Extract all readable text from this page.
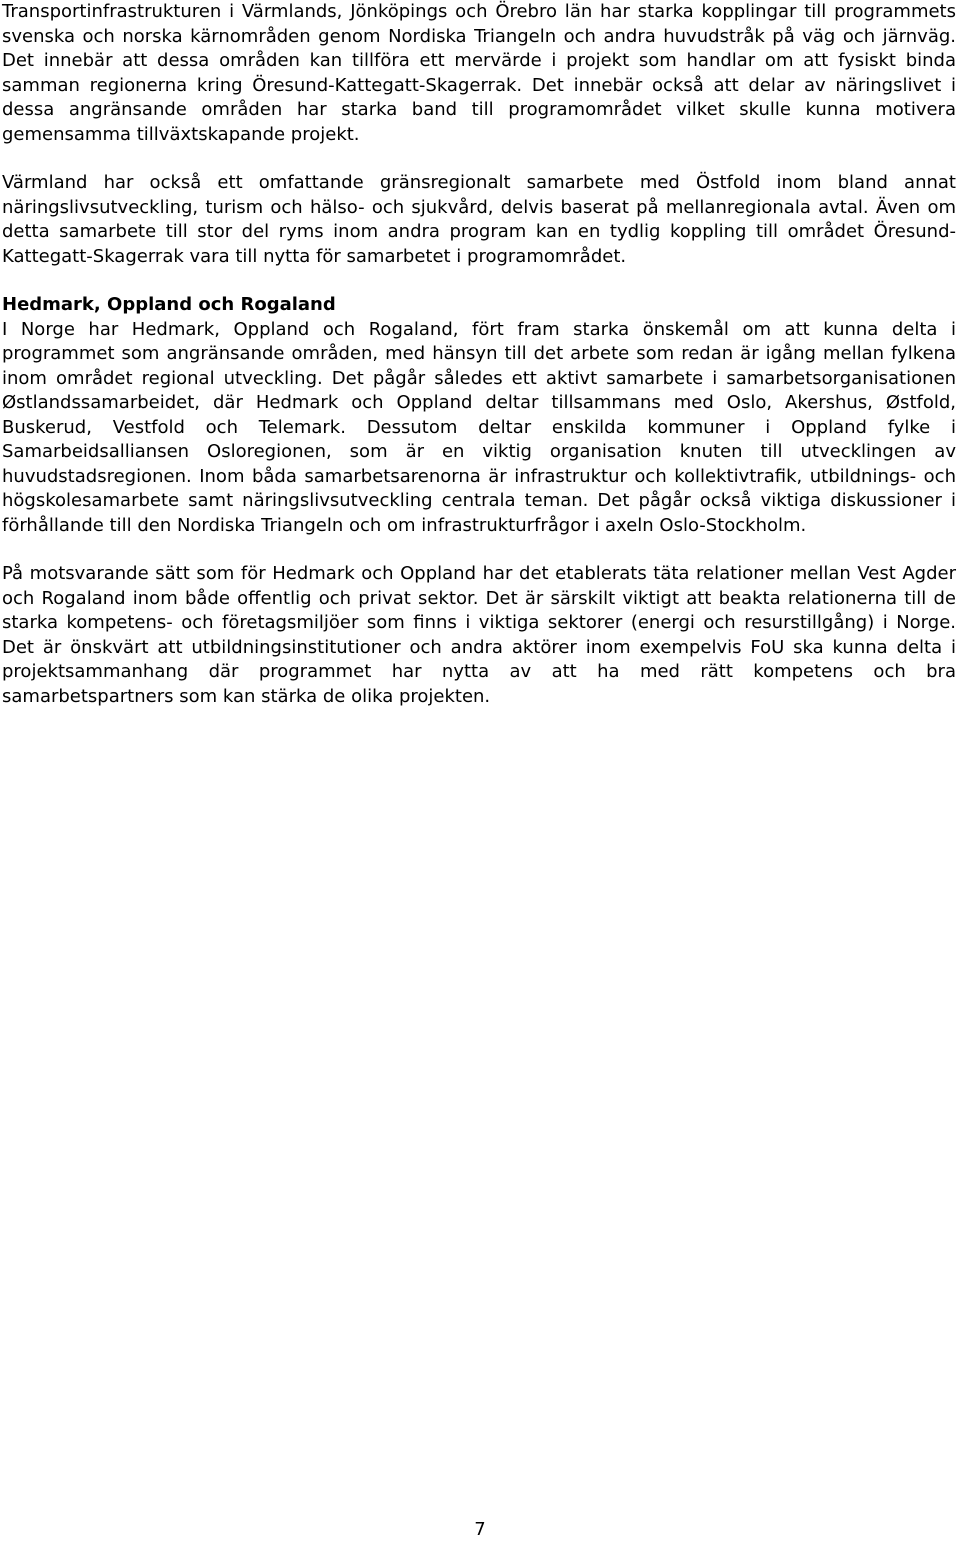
Transportinfrastrukturen i Värmlands, Jönköpings och Örebro län har starka kopplingar till programmets svenska och norska kärnområden genom Nordiska Triangeln och andra huvudstråk på väg och järnväg. Det innebär att dessa områden kan tillföra ett mervärde i projekt som handlar om att fysiskt binda samman regionerna kring Öresund-Kattegatt-Skagerrak. Det innebär också att delar av näringslivet i dessa angränsande områden har starka band till programområdet vilket skulle kunna motivera gemensamma tillväxtskapande projekt.

Värmland har också ett omfattande gränsregionalt samarbete med Östfold inom bland annat näringslivsutveckling, turism och hälso- och sjukvård, delvis baserat på mellanregionala avtal. Även om detta samarbete till stor del ryms inom andra program kan en tydlig koppling till området Öresund-Kattegatt-Skagerrak vara till nytta för samarbetet i programområdet.

Hedmark, Oppland och Rogaland

I Norge har Hedmark, Oppland och Rogaland, fört fram starka önskemål om att kunna delta i programmet som angränsande områden, med hänsyn till det arbete som redan är igång mellan fylkena inom området regional utveckling. Det pågår således ett aktivt samarbete i samarbetsorganisationen Østlandssamarbeidet, där Hedmark och Oppland deltar tillsammans med Oslo, Akershus, Østfold, Buskerud, Vestfold och Telemark. Dessutom deltar enskilda kommuner i Oppland fylke i Samarbeidsalliansen Osloregionen, som är en viktig organisation knuten till utvecklingen av huvudstadsregionen. Inom båda samarbetsarenorna är infrastruktur och kollektivtrafik, utbildnings- och högskolesamarbete samt näringslivsutveckling centrala teman. Det pågår också viktiga diskussioner i förhållande till den Nordiska Triangeln och om infrastrukturfrågor i axeln Oslo-Stockholm.

På motsvarande sätt som för Hedmark och Oppland har det etablerats täta relationer mellan Vest Agder och Rogaland inom både offentlig och privat sektor. Det är särskilt viktigt att beakta relationerna till de starka kompetens- och företagsmiljöer som finns i viktiga sektorer (energi och resurstillgång) i Norge. Det är önskvärt att utbildningsinstitutioner och andra aktörer inom exempelvis FoU ska kunna delta i projektsammanhang där programmet har nytta av att ha med rätt kompetens och bra samarbetspartners som kan stärka de olika projekten.

7
